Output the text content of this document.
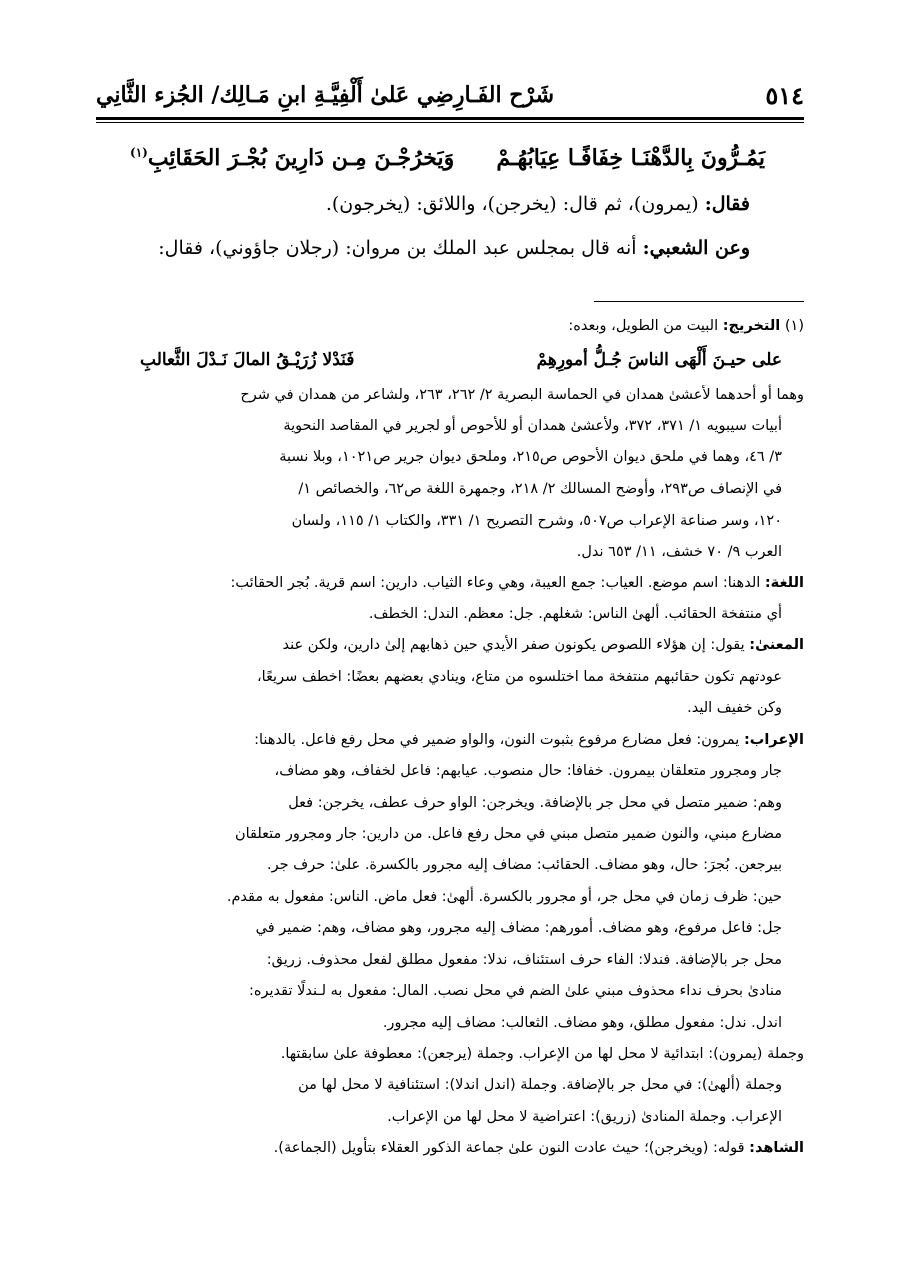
٥١٤
شَرْح الفَـارِضِي عَلىٰ أَلْفِيَّـةِ ابنِ مَـالِك/ الجُزء الثَّانِي
يَمُـرُّونَ بِالدَّهْنَـا خِفَافًـا عِيَابُهُـمْ
وَيَخرُجْـنَ مِـن دَارِينَ بُجْـرَ الحَقَائِبِ$^{(١)}$
فقال: (يمرون)، ثم قال: (يخرجن)، واللائق: (يخرجون).
وعن الشعبي: أنه قال بمجلس عبد الملك بن مروان: (رجلان جاؤوني)، فقال:
(١) التخريج: البيت من الطويل، وبعده:
على حيـنَ أَلْهَى الناسَ جُـلُّ أمورِهِمْ
فَنَدْلا زُرَيْـقُ المالَ نَـدْلَ الثَّعالبِ
وهما أو أحدهما لأعشىٰ همدان في الحماسة البصرية ٢/ ٢٦٢، ٢٦٣، ولشاعر من همدان في شرح
أبيات سيبويه ١/ ٣٧١، ٣٧٢، ولأعشىٰ همدان أو للأحوص أو لجرير في المقاصد النحوية
٣/ ٤٦، وهما في ملحق ديوان الأحوص ص٢١٥، وملحق ديوان جرير ص١٠٢١، وبلا نسبة
في الإنصاف ص٢٩٣، وأوضح المسالك ٢/ ٢١٨، وجمهرة اللغة ص٦٢، والخصائص ١/
١٢٠، وسر صناعة الإعراب ص٥٠٧، وشرح التصريح ١/ ٣٣١، والكتاب ١/ ١١٥، ولسان
العرب ٩/ ٧٠ خشف، ١١/ ٦٥٣ ندل.
اللغة: الدهنا: اسم موضع. العياب: جمع العيبة، وهي وعاء الثياب. دارين: اسم قرية. بُجر الحقائب:
أي منتفخة الحقائب. ألهىٰ الناس: شغلهم. جل: معظم. الندل: الخطف.
المعنىٰ: يقول: إن هؤلاء اللصوص يكونون صفر الأيدي حين ذهابهم إلىٰ دارين، ولكن عند
عودتهم تكون حقائبهم منتفخة مما اختلسوه من متاع، وينادي بعضهم بعضًا: اخطف سريعًا،
وكن خفيف اليد.
الإعراب: يمرون: فعل مضارع مرفوع بثبوت النون، والواو ضمير في محل رفع فاعل. بالدهنا:
جار ومجرور متعلقان بيمرون. خفافا: حال منصوب. عيابهم: فاعل لخفاف، وهو مضاف،
وهم: ضمير متصل في محل جر بالإضافة. ويخرجن: الواو حرف عطف، يخرجن: فعل
مضارع مبني، والنون ضمير متصل مبني في محل رفع فاعل. من دارين: جار ومجرور متعلقان
بيرجعن. بُجرَ: حال، وهو مضاف. الحقائب: مضاف إليه مجرور بالكسرة. علىٰ: حرف جر.
حين: ظرف زمان في محل جر، أو مجرور بالكسرة. ألهىٰ: فعل ماض. الناس: مفعول به مقدم.
جل: فاعل مرفوع، وهو مضاف. أمورهم: مضاف إليه مجرور، وهو مضاف، وهم: ضمير في
محل جر بالإضافة. فندلا: الفاء حرف استئناف، ندلا: مفعول مطلق لفعل محذوف. زريق:
منادىٰ بحرف نداء محذوف مبني علىٰ الضم في محل نصب. المال: مفعول به لـندلًا تقديره:
اندل. ندل: مفعول مطلق، وهو مضاف. الثعالب: مضاف إليه مجرور.
وجملة (يمرون): ابتدائية لا محل لها من الإعراب. وجملة (يرجعن): معطوفة علىٰ سابقتها.
وجملة (ألهىٰ): في محل جر بالإضافة. وجملة (اندل اندلا): استئنافية لا محل لها من
الإعراب. وجملة المنادىٰ (زريق): اعتراضية لا محل لها من الإعراب.
الشاهد: قوله: (ويخرجن)؛ حيث عادت النون علىٰ جماعة الذكور العقلاء بتأويل (الجماعة).
